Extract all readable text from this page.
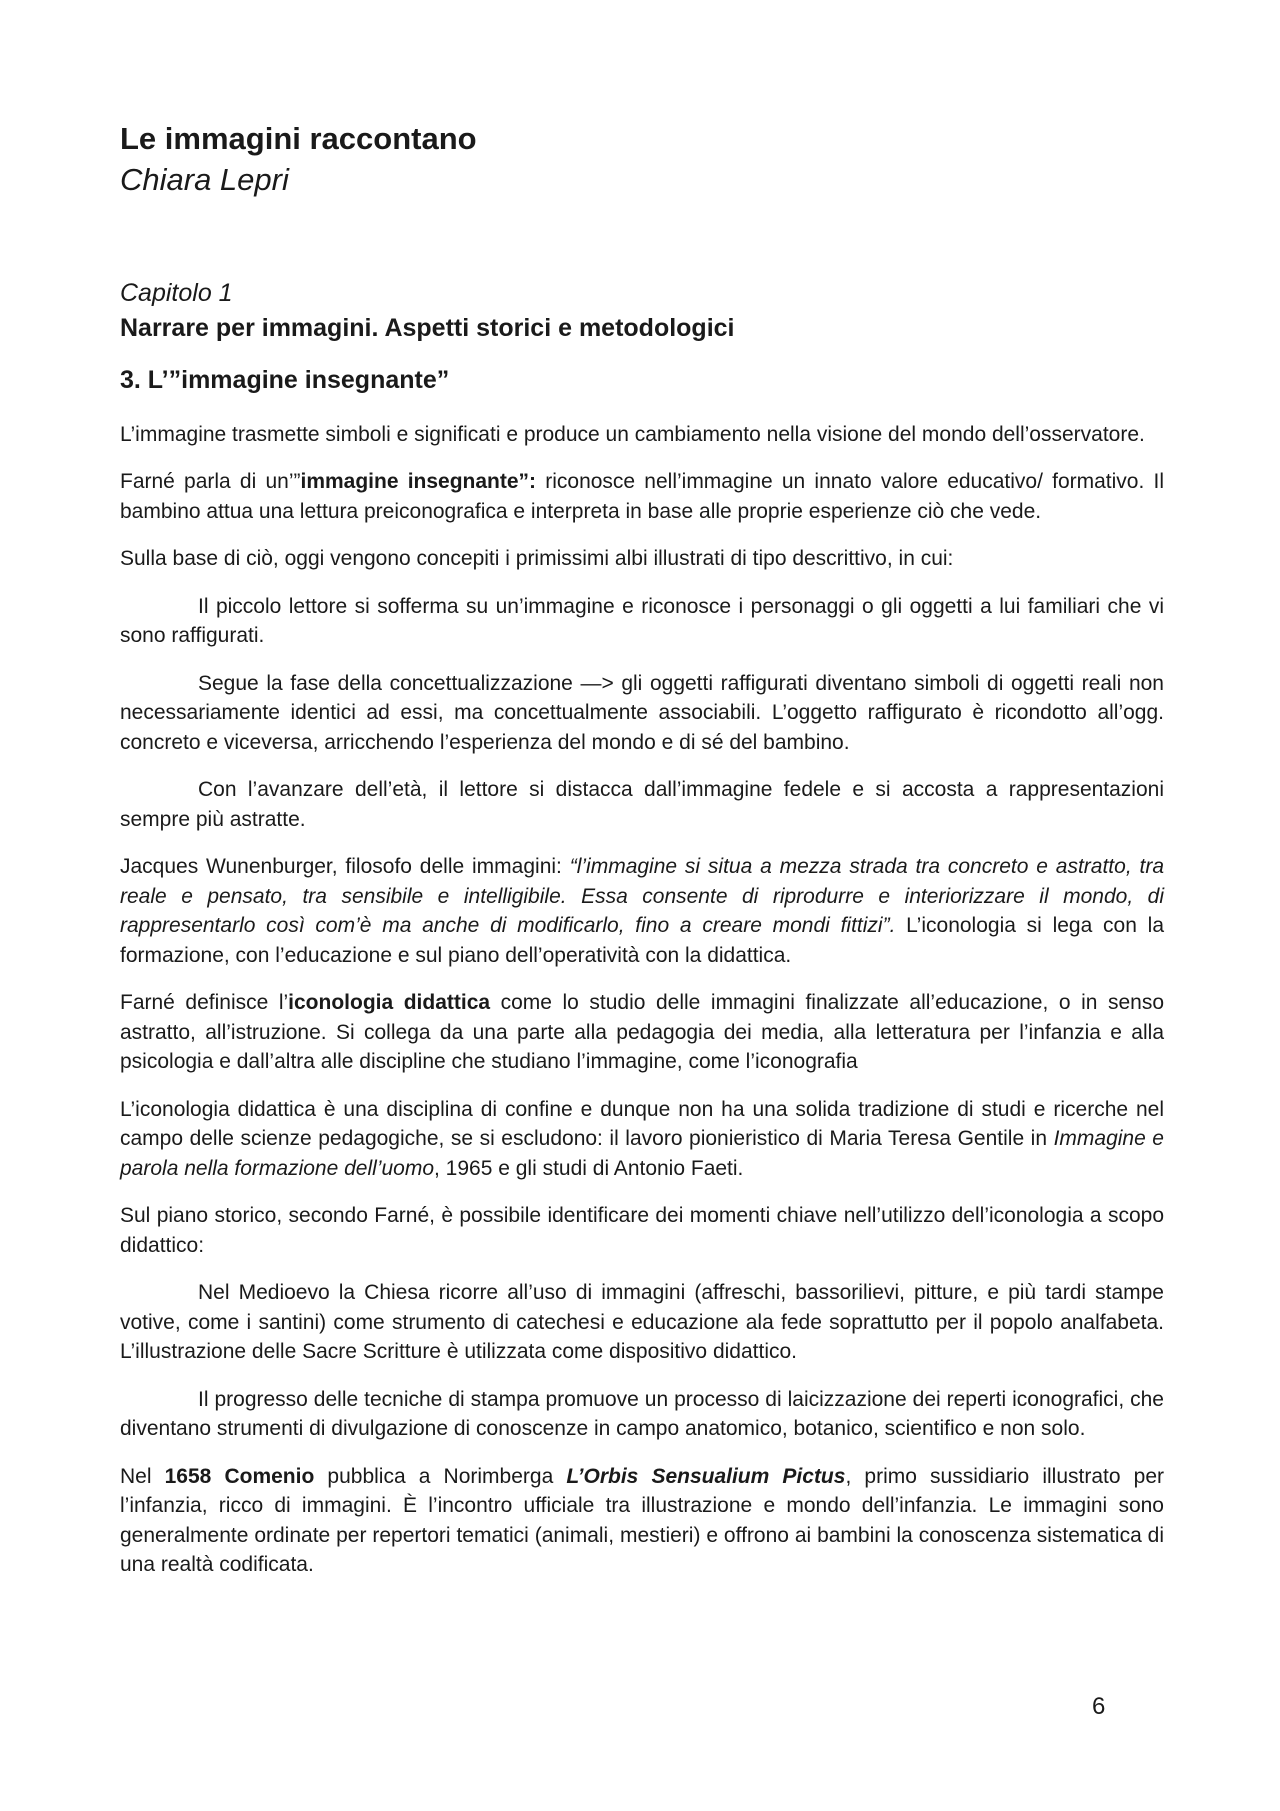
Le immagini raccontano

Chiara Lepri

Capitolo 1

Narrare per immagini. Aspetti storici e metodologici
3. L’”immagine insegnante”

L’immagine trasmette simboli e significati e produce un cambiamento nella visione del mondo dell’osservatore.

Farné parla di un’”immagine insegnante”: riconosce nell’immagine un innato valore educativo/ formativo. Il bambino attua una lettura preiconografica e interpreta in base alle proprie esperienze ciò che vede.

Sulla base di ciò, oggi vengono concepiti i primissimi albi illustrati di tipo descrittivo, in cui:

Il piccolo lettore si sofferma su un’immagine e riconosce i personaggi o gli oggetti a lui familiari che vi sono raffigurati.

Segue la fase della concettualizzazione —> gli oggetti raffigurati diventano simboli di oggetti reali non necessariamente identici ad essi, ma concettualmente associabili. L’oggetto raffigurato è ricondotto all’ogg. concreto e viceversa, arricchendo l’esperienza del mondo e di sé del bambino.

Con l’avanzare dell’età, il lettore si distacca dall’immagine fedele e si accosta a rappresentazioni sempre più astratte.

Jacques Wunenburger, filosofo delle immagini: “l’immagine si situa a mezza strada tra concreto e astratto, tra reale e pensato, tra sensibile e intelligibile. Essa consente di riprodurre e interiorizzare il mondo, di rappresentarlo così com’è ma anche di modificarlo, fino a creare mondi fittizi”. L’iconologia si lega con la formazione, con l’educazione e sul piano dell’operatività con la didattica.

Farné definisce l’iconologia didattica come lo studio delle immagini finalizzate all’educazione, o in senso astratto, all’istruzione. Si collega da una parte alla pedagogia dei media, alla letteratura per l’infanzia e alla psicologia e dall’altra alle discipline che studiano l’immagine, come l’iconografia

L’iconologia didattica è una disciplina di confine e dunque non ha una solida tradizione di studi e ricerche nel campo delle scienze pedagogiche, se si escludono: il lavoro pionieristico di Maria Teresa Gentile in Immagine e parola nella formazione dell’uomo, 1965 e gli studi di Antonio Faeti.

Sul piano storico, secondo Farné, è possibile identificare dei momenti chiave nell’utilizzo dell’iconologia a scopo didattico:

Nel Medioevo la Chiesa ricorre all’uso di immagini (affreschi, bassorilievi, pitture, e più tardi stampe votive, come i santini) come strumento di catechesi e educazione ala fede soprattutto per il popolo analfabeta. L’illustrazione delle Sacre Scritture è utilizzata come dispositivo didattico.

Il progresso delle tecniche di stampa promuove un processo di laicizzazione dei reperti iconografici, che diventano strumenti di divulgazione di conoscenze in campo anatomico, botanico, scientifico e non solo.

Nel 1658 Comenio pubblica a Norimberga L’Orbis Sensualium Pictus, primo sussidiario illustrato per l’infanzia, ricco di immagini. È l’incontro ufficiale tra illustrazione e mondo dell’infanzia. Le immagini sono generalmente ordinate per repertori tematici (animali, mestieri) e offrono ai bambini la conoscenza sistematica di una realtà codificata.

6
